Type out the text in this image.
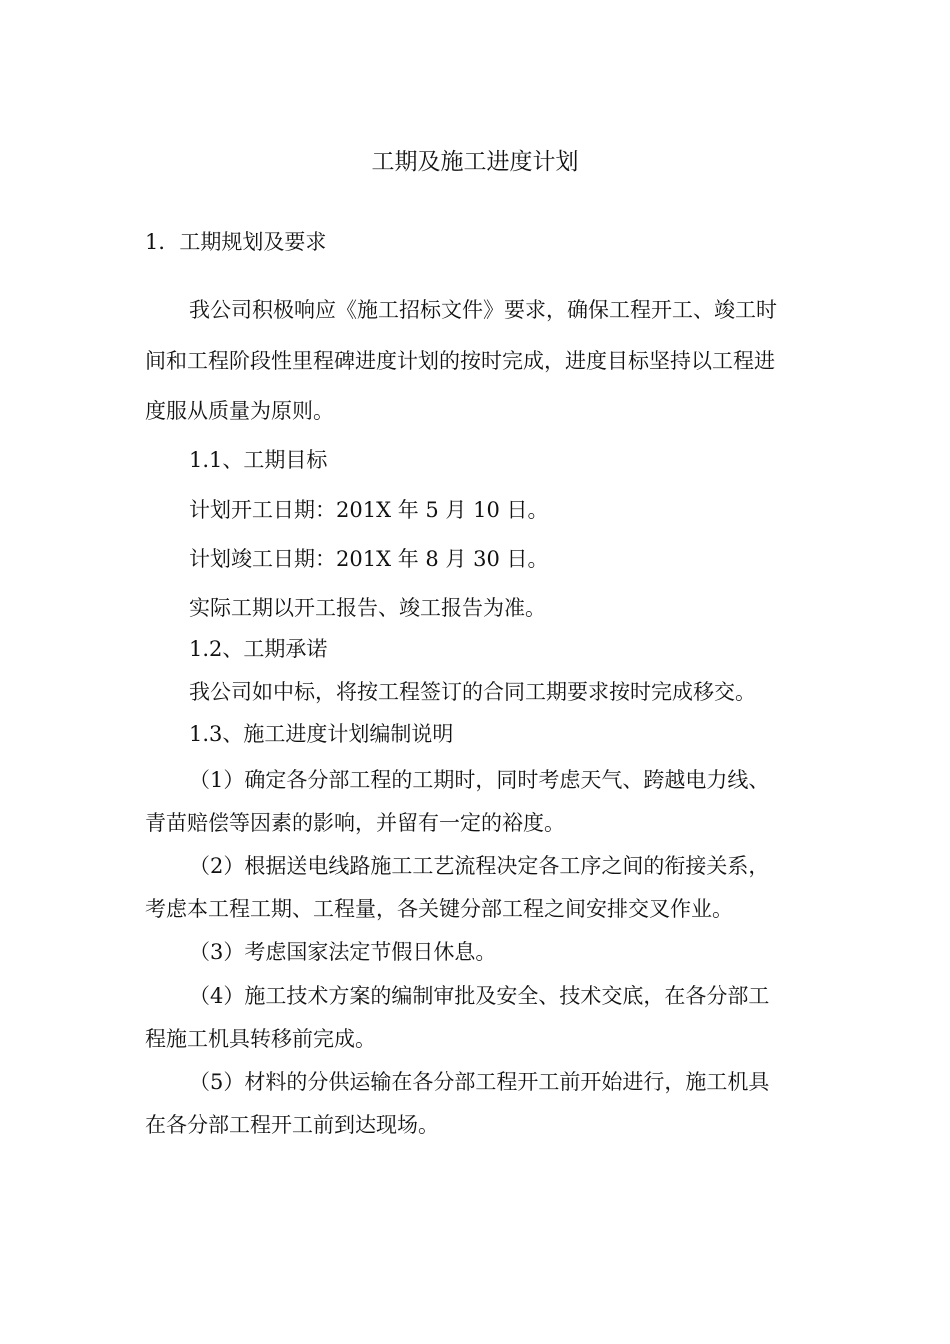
工期及施工进度计划
1．工期规划及要求
我公司积极响应《施工招标文件》要求，确保工程开工、竣工时
间和工程阶段性里程碑进度计划的按时完成，进度目标坚持以工程进
度服从质量为原则。
1.1、工期目标
计划开工日期：201X 年 5 月 10 日。
计划竣工日期：201X 年 8 月 30 日。
实际工期以开工报告、竣工报告为准。
1.2、工期承诺
我公司如中标，将按工程签订的合同工期要求按时完成移交。
1.3、施工进度计划编制说明
（1）确定各分部工程的工期时，同时考虑天气、跨越电力线、
青苗赔偿等因素的影响，并留有一定的裕度。
（2）根据送电线路施工工艺流程决定各工序之间的衔接关系，
考虑本工程工期、工程量，各关键分部工程之间安排交叉作业。
（3）考虑国家法定节假日休息。
（4）施工技术方案的编制审批及安全、技术交底，在各分部工
程施工机具转移前完成。
（5）材料的分供运输在各分部工程开工前开始进行，施工机具
在各分部工程开工前到达现场。
